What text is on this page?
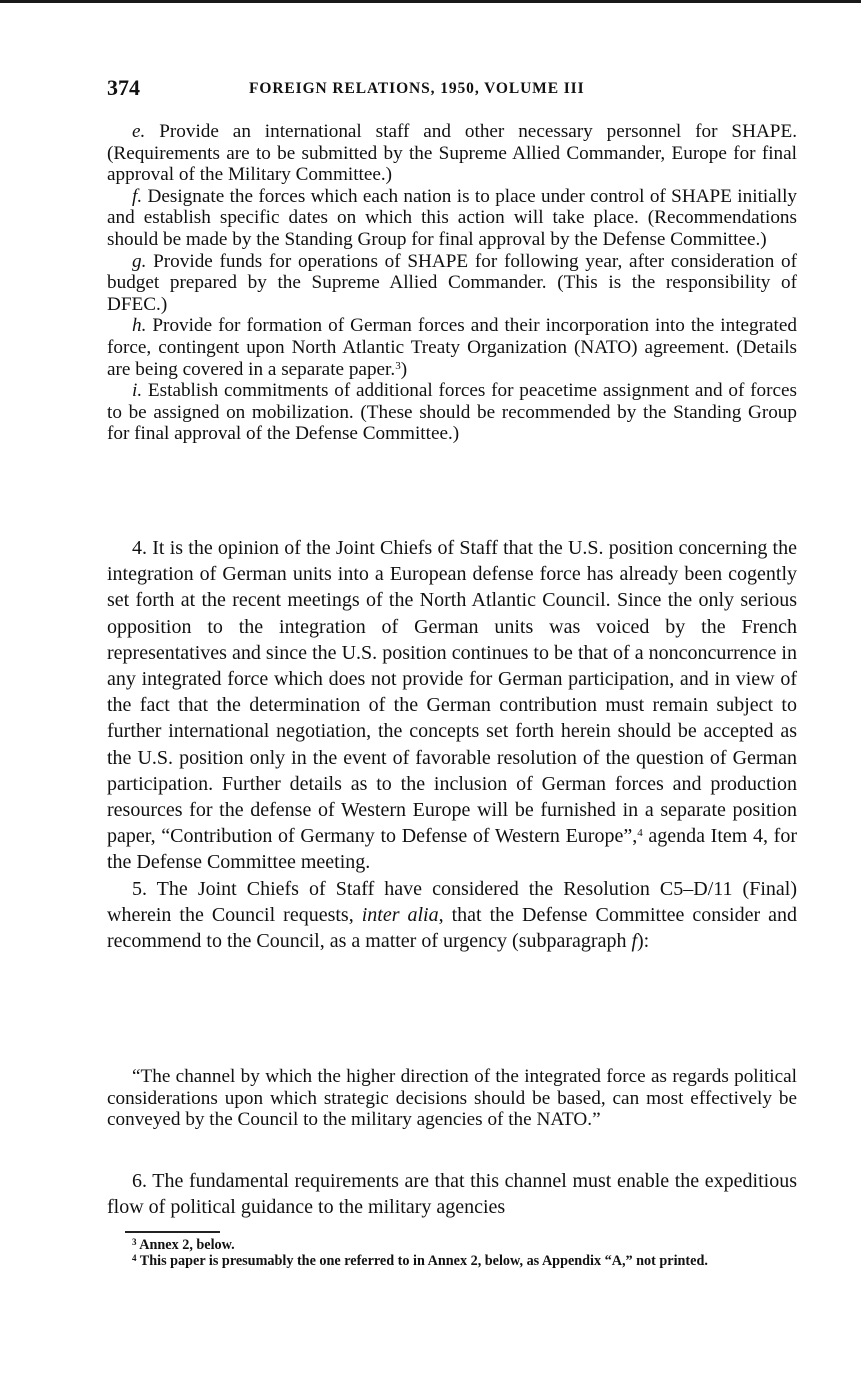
374	FOREIGN RELATIONS, 1950, VOLUME III

e. Provide an international staff and other necessary personnel for SHAPE. (Requirements are to be submitted by the Supreme Allied Commander, Europe for final approval of the Military Committee.)

f. Designate the forces which each nation is to place under control of SHAPE initially and establish specific dates on which this action will take place. (Recommendations should be made by the Standing Group for final approval by the Defense Committee.)

g. Provide funds for operations of SHAPE for following year, after consideration of budget prepared by the Supreme Allied Commander. (This is the responsibility of DFEC.)

h. Provide for formation of German forces and their incorporation into the integrated force, contingent upon North Atlantic Treaty Organization (NATO) agreement. (Details are being covered in a separate paper.$^3$)

i. Establish commitments of additional forces for peacetime assignment and of forces to be assigned on mobilization. (These should be recommended by the Standing Group for final approval of the Defense Committee.)

4. It is the opinion of the Joint Chiefs of Staff that the U.S. position concerning the integration of German units into a European defense force has already been cogently set forth at the recent meetings of the North Atlantic Council. Since the only serious opposition to the integration of German units was voiced by the French representatives and since the U.S. position continues to be that of a nonconcurrence in any integrated force which does not provide for German participation, and in view of the fact that the determination of the German contribution must remain subject to further international negotiation, the concepts set forth herein should be accepted as the U.S. position only in the event of favorable resolution of the question of German participation. Further details as to the inclusion of German forces and production resources for the defense of Western Europe will be furnished in a separate position paper, “Contribution of Germany to Defense of Western Europe”,$^4$ agenda Item 4, for the Defense Committee meeting.

5. The Joint Chiefs of Staff have considered the Resolution C5–D/11 (Final) wherein the Council requests, inter alia, that the Defense Committee consider and recommend to the Council, as a matter of urgency (subparagraph f):

“The channel by which the higher direction of the integrated force as regards political considerations upon which strategic decisions should be based, can most effectively be conveyed by the Council to the military agencies of the NATO.”

6. The fundamental requirements are that this channel must enable the expeditious flow of political guidance to the military agencies

$^3$ Annex 2, below.

$^4$ This paper is presumably the one referred to in Annex 2, below, as Appendix “A,” not printed.
